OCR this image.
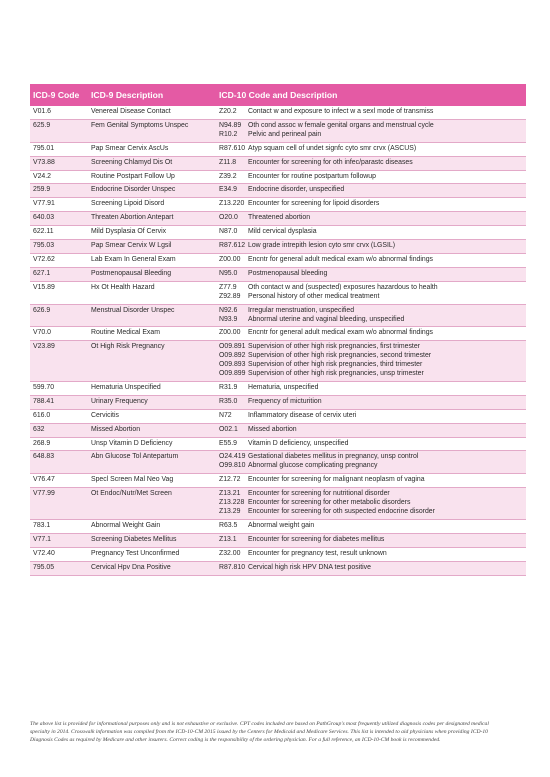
ICD-9 Code	ICD-9 Description	ICD-10 Code and Description
V01.6	Venereal Disease Contact	Z20.2 Contact w and exposure to infect w a sexl mode of transmiss

625.9	Fem Genital Symptoms Unspec	N94.89 Oth cond assoc w female genital organs and menstrual cycle
R10.2 Pelvic and perineal pain

795.01	Pap Smear Cervix AscUs	R87.610 Atyp squam cell of undet signfc cyto smr crvx (ASCUS)

V73.88	Screening Chlamyd Dis Ot	Z11.8 Encounter for screening for oth infec/parastc diseases

V24.2	Routine Postpart Follow Up	Z39.2 Encounter for routine postpartum followup

259.9	Endocrine Disorder Unspec	E34.9 Endocrine disorder, unspecified

V77.91	Screening Lipoid Disord	Z13.220 Encounter for screening for lipoid disorders

640.03	Threaten Abortion Antepart	O20.0 Threatened abortion

622.11	Mild Dysplasia Of Cervix	N87.0 Mild cervical dysplasia

795.03	Pap Smear Cervix W Lgsil	R87.612 Low grade intrepith lesion cyto smr crvx (LGSIL)

V72.62	Lab Exam In General Exam	Z00.00 Encntr for general adult medical exam w/o abnormal findings

627.1	Postmenopausal Bleeding	N95.0 Postmenopausal bleeding

V15.89	Hx Ot Health Hazard	Z77.9 Oth contact w and (suspected) exposures hazardous to health
Z92.89 Personal history of other medical treatment

626.9	Menstrual Disorder Unspec	N92.6 Irregular menstruation, unspecified
N93.9 Abnormal uterine and vaginal bleeding, unspecified

V70.0	Routine Medical Exam	Z00.00 Encntr for general adult medical exam w/o abnormal findings

V23.89	Ot High Risk Pregnancy	O09.891 Supervision of other high risk pregnancies, first trimester
O09.892 Supervision of other high risk pregnancies, second trimester
O09.893 Supervision of other high risk pregnancies, third trimester
O09.899 Supervision of other high risk pregnancies, unsp trimester

599.70	Hematuria Unspecified	R31.9 Hematuria, unspecified

788.41	Urinary Frequency	R35.0 Frequency of micturition

616.0	Cervicitis	N72 Inflammatory disease of cervix uteri

632	Missed Abortion	O02.1 Missed abortion

268.9	Unsp Vitamin D Deficiency	E55.9 Vitamin D deficiency, unspecified

648.83	Abn Glucose Tol Antepartum	O24.419 Gestational diabetes mellitus in pregnancy, unsp control
O99.810 Abnormal glucose complicating pregnancy

V76.47	Specl Screen Mal Neo Vag	Z12.72 Encounter for screening for malignant neoplasm of vagina

V77.99	Ot Endoc/Nutr/Met Screen	Z13.21 Encounter for screening for nutritional disorder
Z13.228 Encounter for screening for other metabolic disorders
Z13.29 Encounter for screening for oth suspected endocrine disorder

783.1	Abnormal Weight Gain	R63.5 Abnormal weight gain

V77.1	Screening Diabetes Mellitus	Z13.1 Encounter for screening for diabetes mellitus

V72.40	Pregnancy Test Unconfirmed	Z32.00 Encounter for pregnancy test, result unknown

795.05	Cervical Hpv Dna Positive	R87.810 Cervical high risk HPV DNA test positive
The above list is provided for informational purposes only and is not exhaustive or exclusive. CPT codes included are based on PathGroup's most frequently utilized diagnosis codes per designated medical
specialty in 2014. Crosswalk information was compiled from the ICD-10-CM 2015 issued by the Centers for Medicaid and Medicare Services. This list is intended to aid physicians when providing ICD-10
Diagnosis Codes as required by Medicare and other insurers. Correct coding is the responsibility of the ordering physician. For a full reference, an ICD-10-CM book is recommended.
